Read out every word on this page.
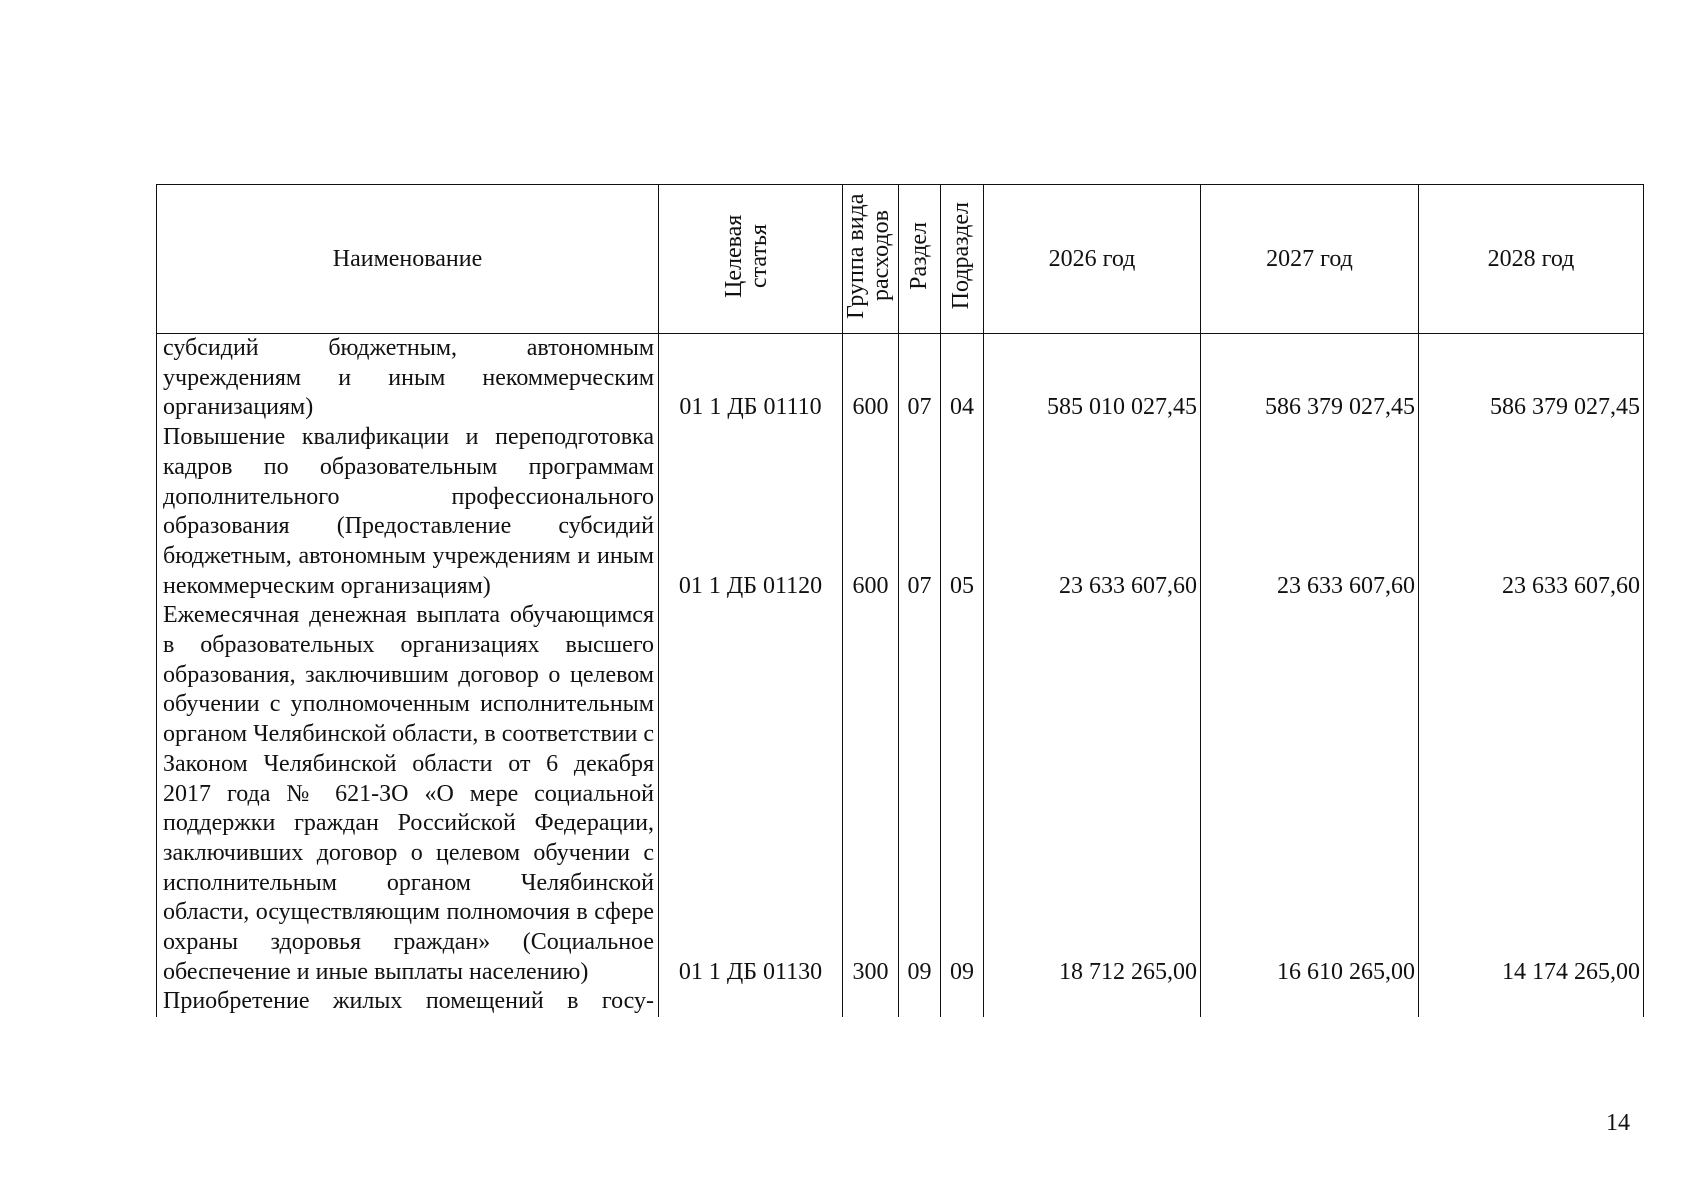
Наименование	Целевая статья	Группа вида расходов	Раздел	Подраздел	2026 год	2027 год	2028 год

субсидий бюджетным, автономным учреждениям и иным некоммерческим организациям)	01 1 ДБ 01110	600	07	04	585 010 027,45	586 379 027,45	586 379 027,45

Повышение квалификации и переподготовка кадров по образовательным программам дополнительного профессионального образования (Предоставление субсидий бюджетным, автономным учреждениям и иным некоммерческим организациям)	01 1 ДБ 01120	600	07	05	23 633 607,60	23 633 607,60	23 633 607,60

Ежемесячная денежная выплата обучающимся в образовательных организациях высшего образования, заключившим договор о целевом обучении с уполномоченным исполнительным органом Челябинской области, в соответствии с Законом Челябинской области от 6 декабря 2017 года № 621-ЗО «О мере социальной поддержки граждан Российской Федерации, заключивших договор о целевом обучении с исполнительным органом Челябинской области, осуществляющим полномочия в сфере охраны здоровья граждан» (Социальное обеспечение и иные выплаты населению)	01 1 ДБ 01130	300	09	09	18 712 265,00	16 610 265,00	14 174 265,00

Приобретение жилых помещений в госу-							

14
